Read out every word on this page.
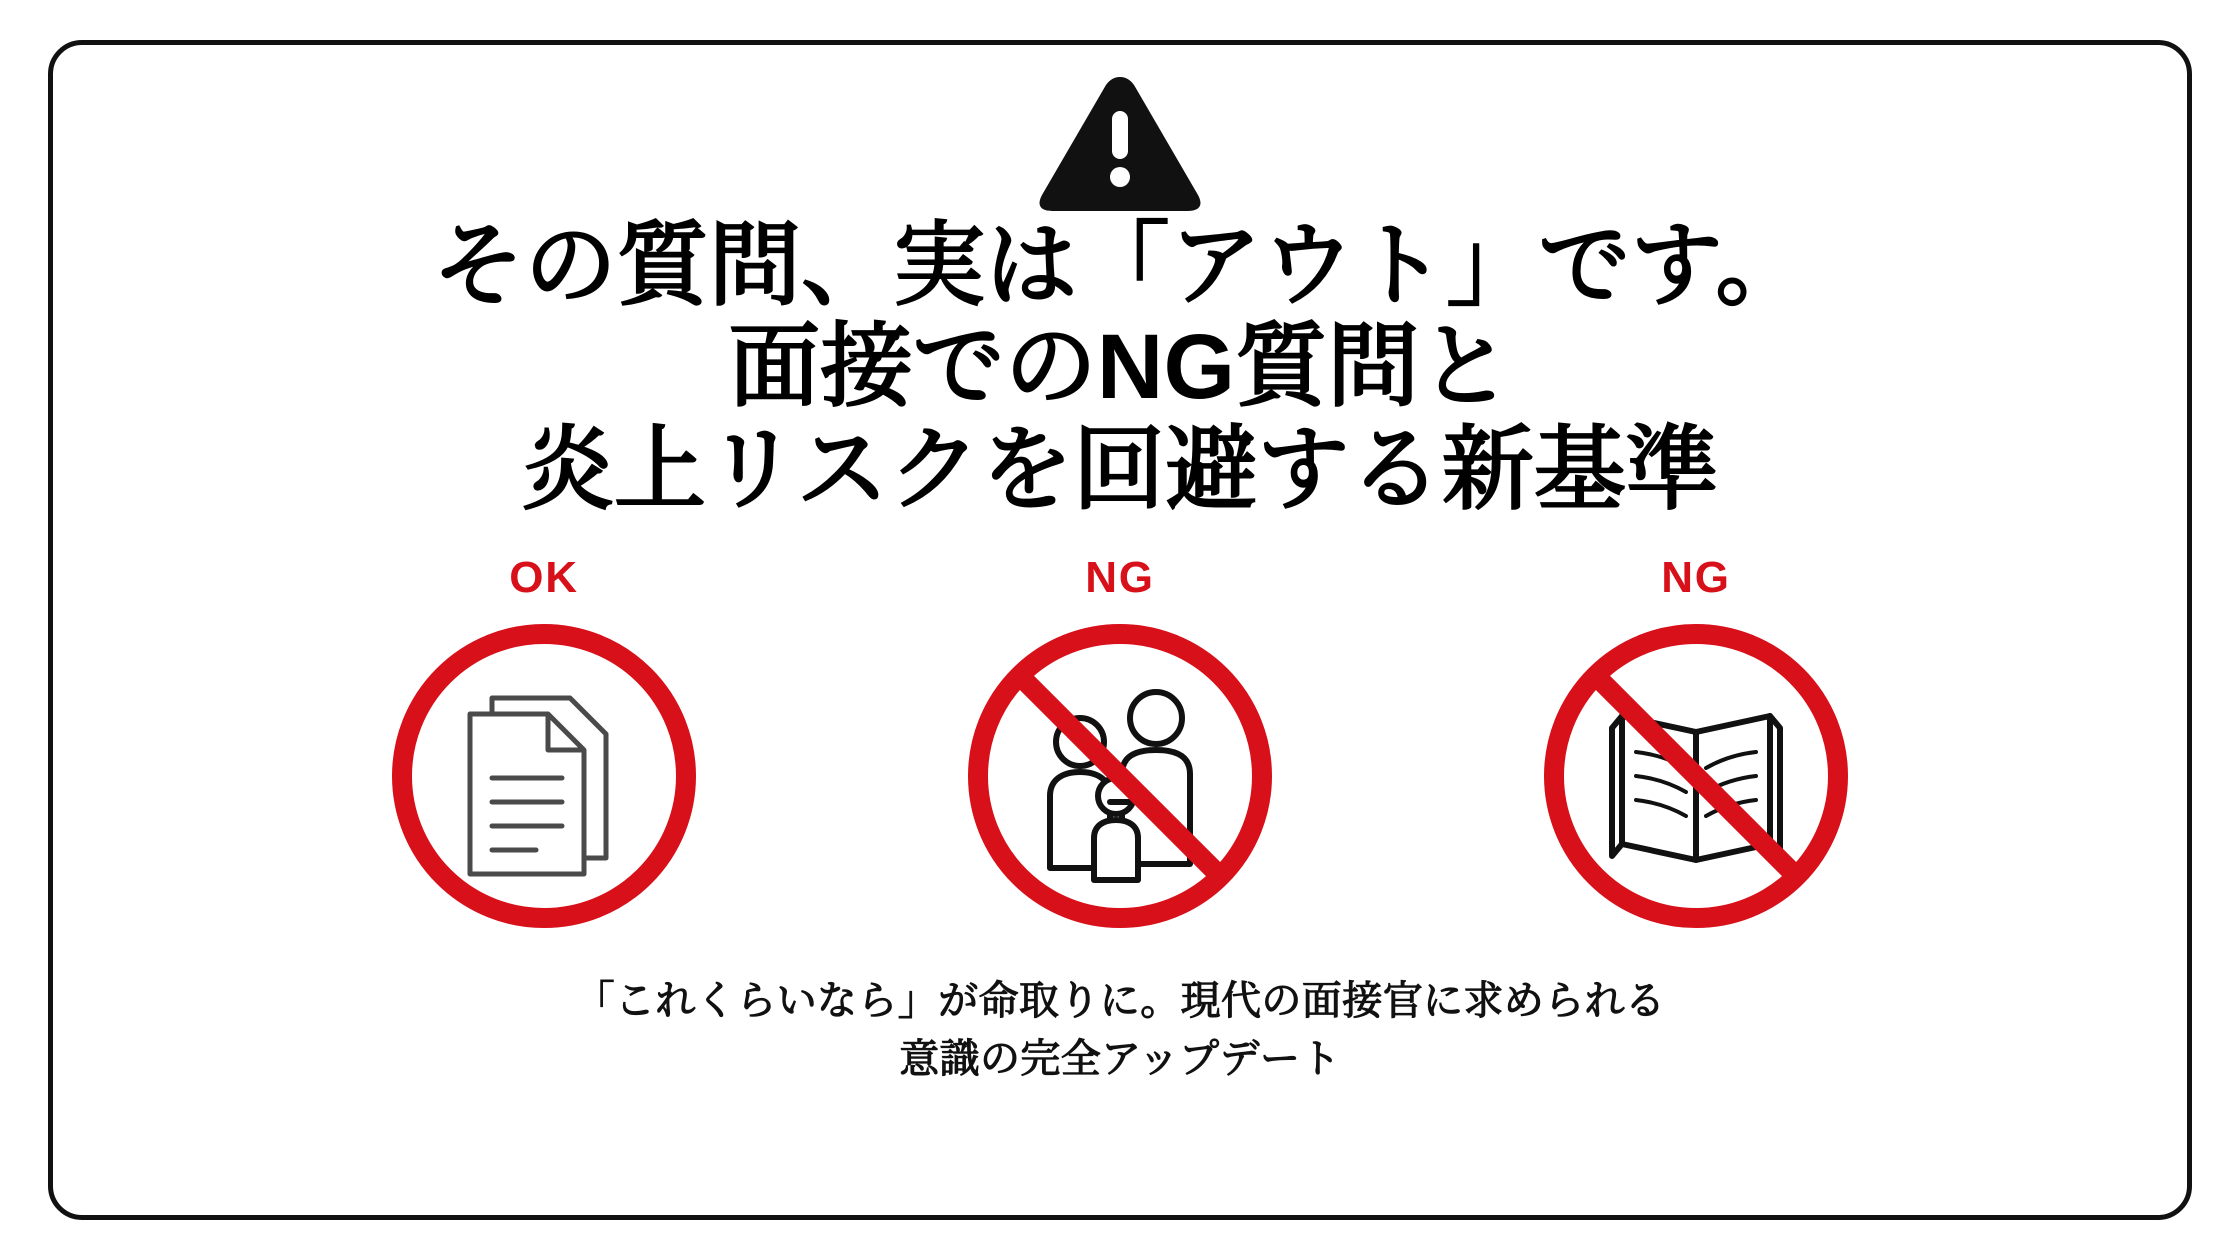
その質問、実は「アウト」です。
面接でのNG質問と
炎上リスクを回避する新基準
OK	NG	NG
「これくらいなら」が命取りに。現代の面接官に求められる
意識の完全アップデート
